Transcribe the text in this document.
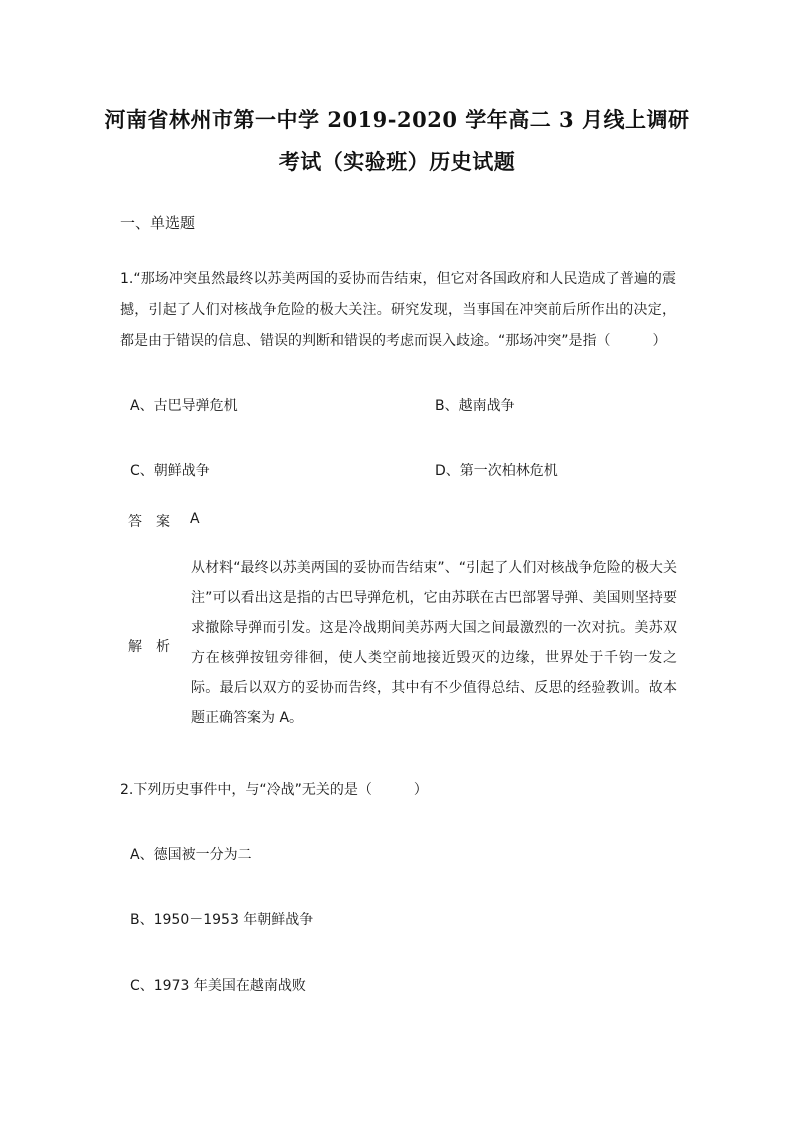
河南省林州市第一中学 2019-2020 学年高二 3 月线上调研
考试（实验班）历史试题
一、单选题
1.“那场冲突虽然最终以苏美两国的妥协而告结束，但它对各国政府和人民造成了普遍的震撼，引起了人们对核战争危险的极大关注。研究发现，当事国在冲突前后所作出的决定，都是由于错误的信息、错误的判断和错误的考虑而误入歧途。“那场冲突”是指（　　　）
A、古巴导弹危机	B、越南战争
C、朝鲜战争	D、第一次柏林危机
答案 A
解析
从材料“最终以苏美两国的妥协而告结束”、“引起了人们对核战争危险的极大关注”可以看出这是指的古巴导弹危机，它由苏联在古巴部署导弹、美国则坚持要求撤除导弹而引发。这是冷战期间美苏两大国之间最激烈的一次对抗。美苏双方在核弹按钮旁徘徊，使人类空前地接近毁灭的边缘，世界处于千钧一发之际。最后以双方的妥协而告终，其中有不少值得总结、反思的经验教训。故本题正确答案为 A。
2.下列历史事件中，与“冷战”无关的是（　　　）
A、德国被一分为二
B、1950－1953 年朝鲜战争
C、1973 年美国在越南战败
